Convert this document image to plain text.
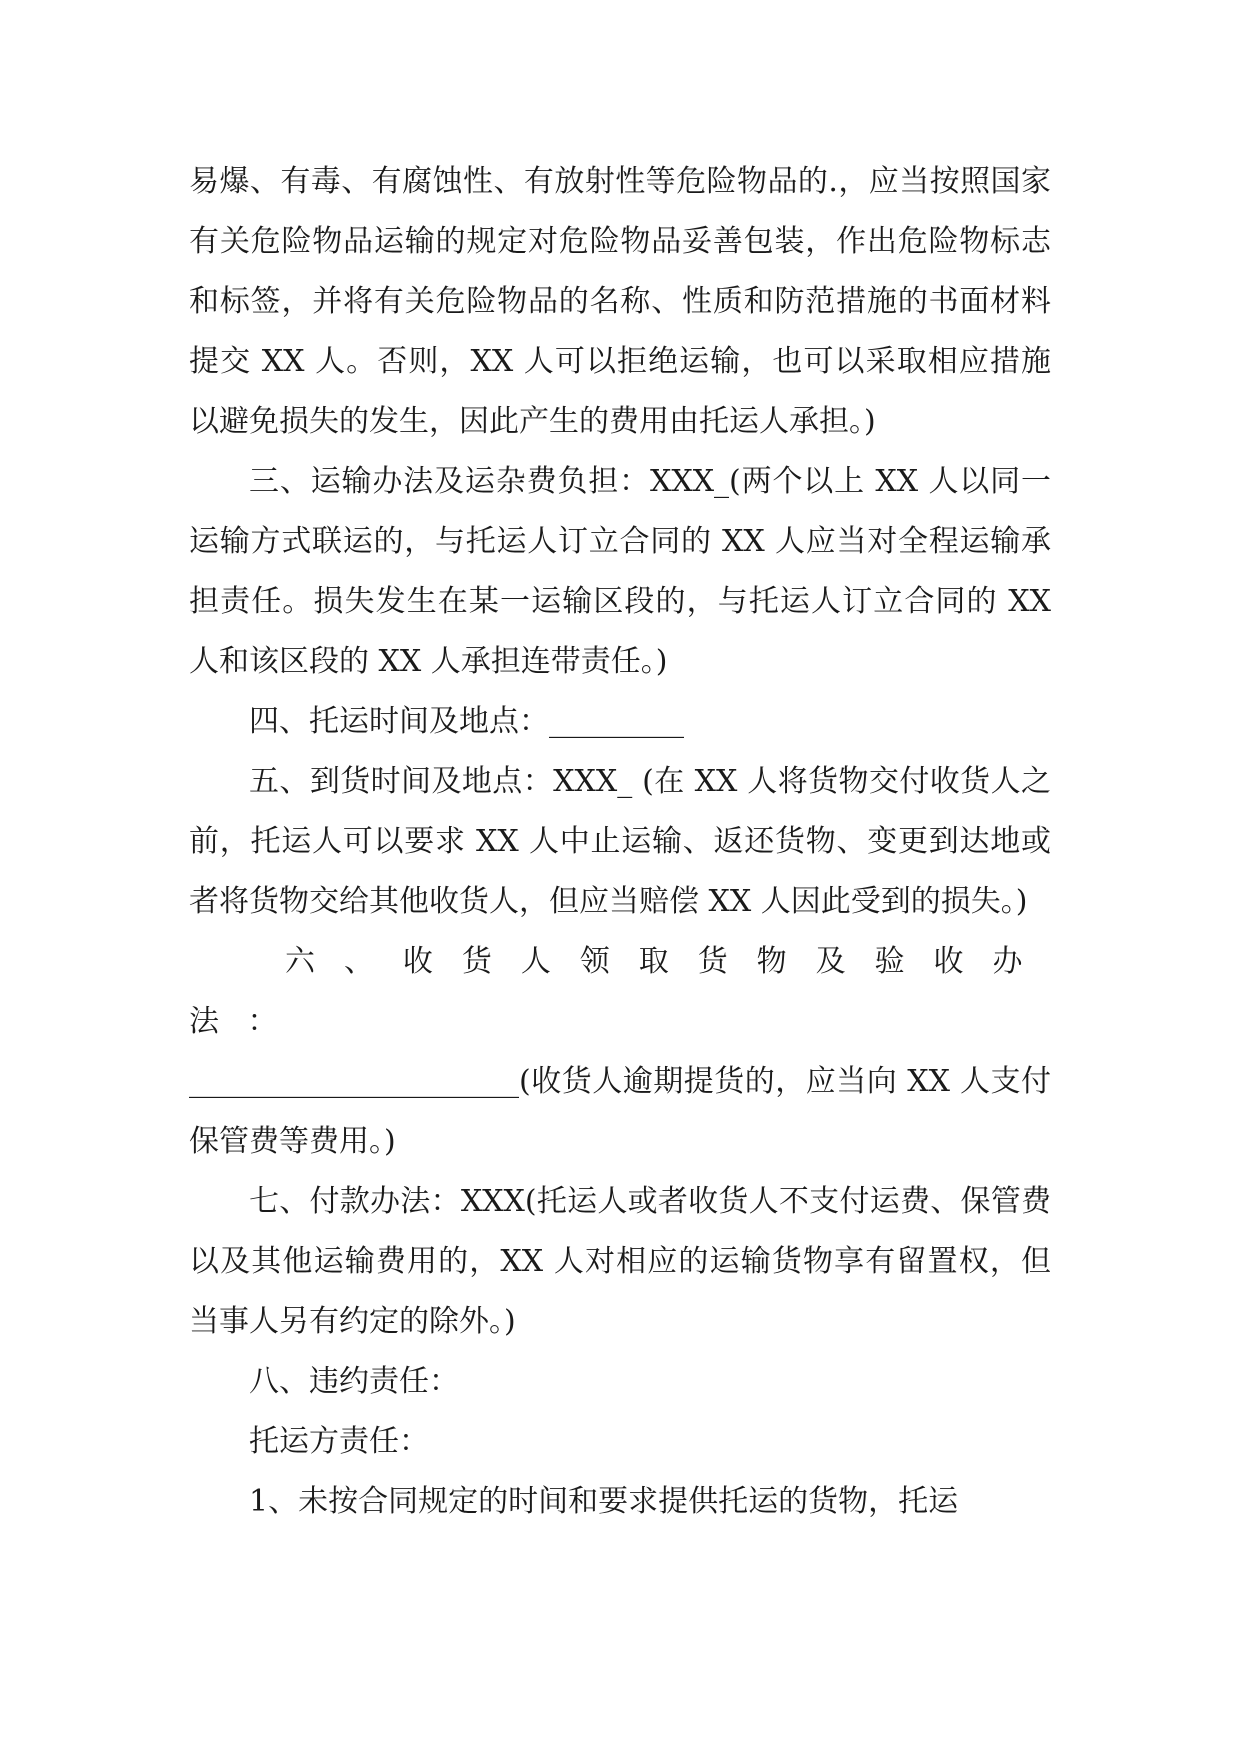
易爆、有毒、有腐蚀性、有放射性等危险物品的.，应当按照国家有关危险物品运输的规定对危险物品妥善包装，作出危险物标志和标签，并将有关危险物品的名称、性质和防范措施的书面材料提交 XX 人。否则，XX 人可以拒绝运输，也可以采取相应措施以避免损失的发生，因此产生的费用由托运人承担。)

三、运输办法及运杂费负担：XXX_(两个以上 XX 人以同一运输方式联运的，与托运人订立合同的 XX 人应当对全程运输承担责任。损失发生在某一运输区段的，与托运人订立合同的 XX 人和该区段的 XX 人承担连带责任。)

四、托运时间及地点：_________

五、到货时间及地点：XXX_ (在 XX 人将货物交付收货人之前，托运人可以要求 XX 人中止运输、返还货物、变更到达地或者将货物交给其他收货人，但应当赔偿 XX 人因此受到的损失。)

六、收货人领取货物及验收办法：

______________________(收货人逾期提货的，应当向 XX 人支付保管费等费用。)

七、付款办法：XXX(托运人或者收货人不支付运费、保管费以及其他运输费用的，XX 人对相应的运输货物享有留置权，但当事人另有约定的除外。)

八、违约责任：

托运方责任：

1、未按合同规定的时间和要求提供托运的货物，托运
